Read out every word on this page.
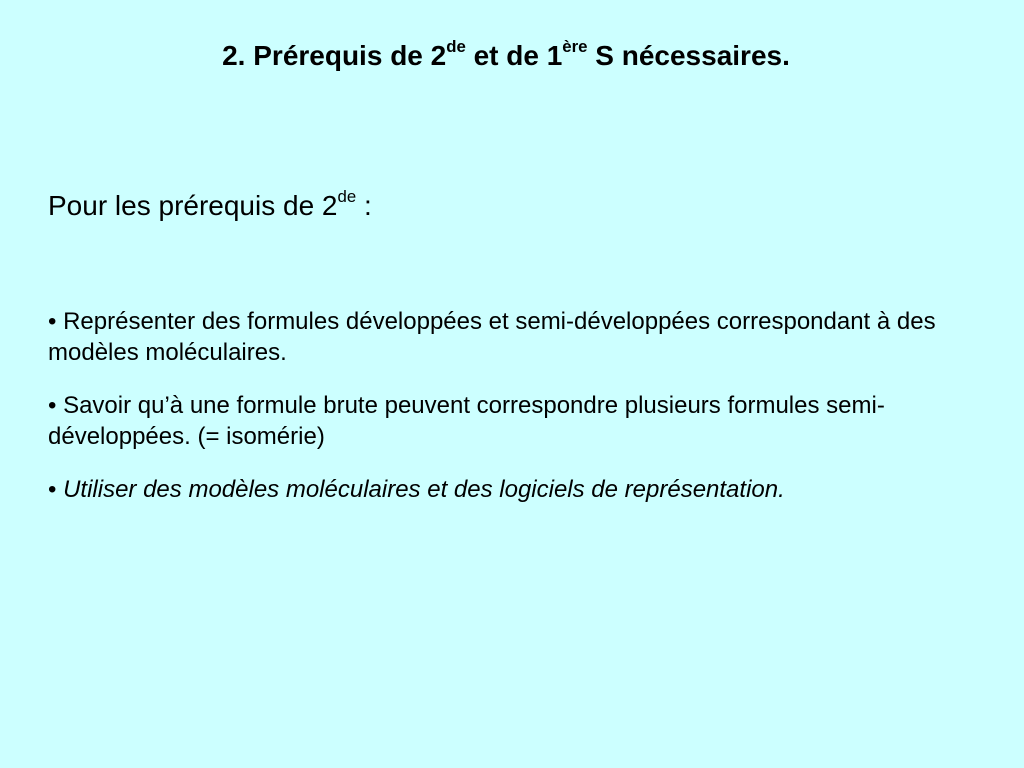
2. Prérequis de 2de et de 1ère S nécessaires.
Pour les prérequis de 2de :
• Représenter des formules développées et semi-développées correspondant à des modèles moléculaires.
• Savoir qu’à une formule brute peuvent correspondre plusieurs formules semi-développées. (= isomérie)
• Utiliser des modèles moléculaires et des logiciels de représentation.
